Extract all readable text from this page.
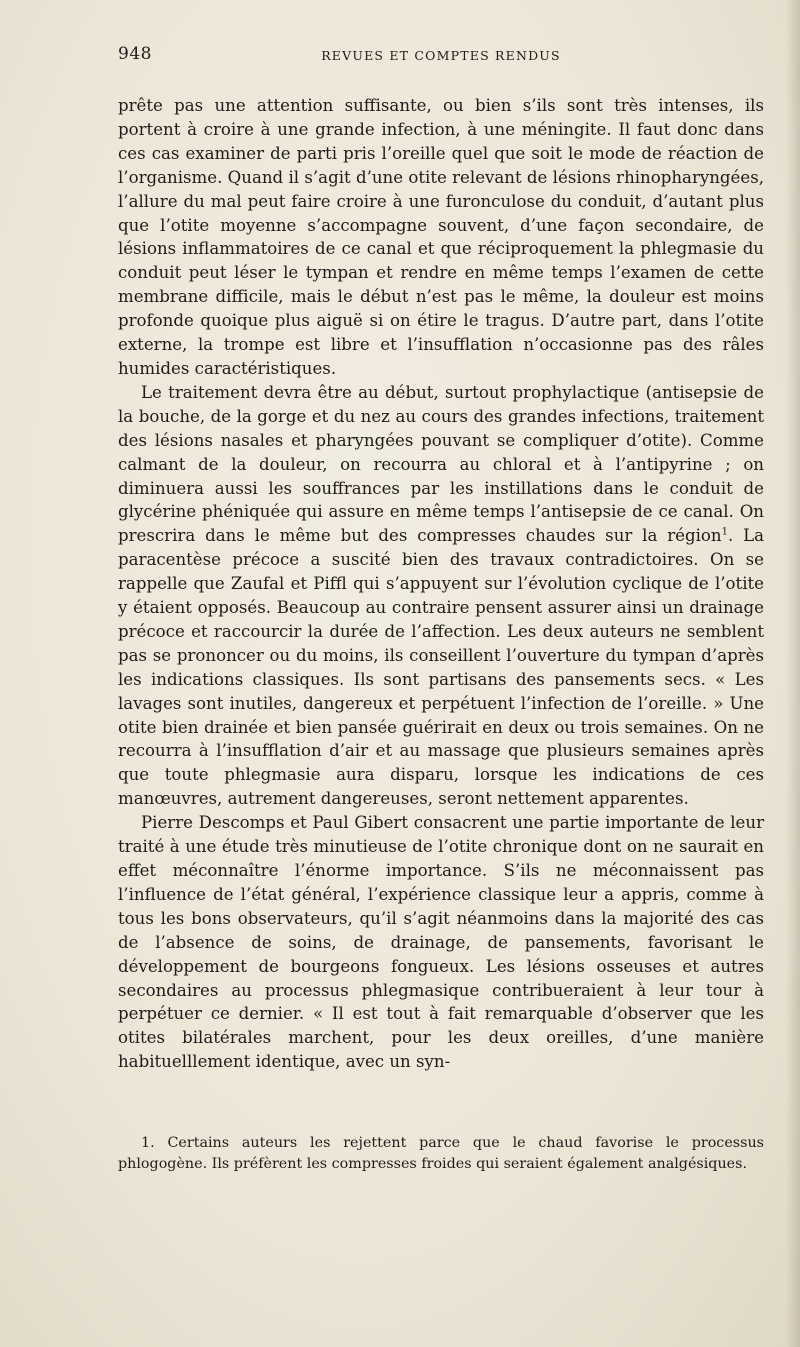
948	REVUES ET COMPTES RENDUS

prête pas une attention suffisante, ou bien s’ils sont très intenses, ils portent à croire à une grande infection, à une méningite. Il faut donc dans ces cas examiner de parti pris l’oreille quel que soit le mode de réaction de l’organisme. Quand il s’agit d’une otite relevant de lésions rhinopharyngées, l’allure du mal peut faire croire à une furonculose du conduit, d’autant plus que l’otite moyenne s’accompagne souvent, d’une façon secondaire, de lésions inflammatoires de ce canal et que réciproquement la phlegmasie du conduit peut léser le tympan et rendre en même temps l’examen de cette membrane difficile, mais le début n’est pas le même, la douleur est moins profonde quoique plus aiguë si on étire le tragus. D’autre part, dans l’otite externe, la trompe est libre et l’insufflation n’occasionne pas des râles humides caractéristiques.

Le traitement devra être au début, surtout prophylactique (antisepsie de la bouche, de la gorge et du nez au cours des grandes infections, traitement des lésions nasales et pharyngées pouvant se compliquer d’otite). Comme calmant de la douleur, on recourra au chloral et à l’antipyrine ; on diminuera aussi les souffrances par les instillations dans le conduit de glycérine phéniquée qui assure en même temps l’antisepsie de ce canal. On prescrira dans le même but des compresses chaudes sur la région$^1$. La paracentèse précoce a suscité bien des travaux contradictoires. On se rappelle que Zaufal et Piffl qui s’appuyent sur l’évolution cyclique de l’otite y étaient opposés. Beaucoup au contraire pensent assurer ainsi un drainage précoce et raccourcir la durée de l’affection. Les deux auteurs ne semblent pas se prononcer ou du moins, ils conseillent l’ouverture du tympan d’après les indications classiques. Ils sont partisans des pansements secs. « Les lavages sont inutiles, dangereux et perpétuent l’infection de l’oreille. » Une otite bien drainée et bien pansée guérirait en deux ou trois semaines. On ne recourra à l’insufflation d’air et au massage que plusieurs semaines après que toute phlegmasie aura disparu, lorsque les indications de ces manœuvres, autrement dangereuses, seront nettement apparentes.

Pierre Descomps et Paul Gibert consacrent une partie importante de leur traité à une étude très minutieuse de l’otite chronique dont on ne saurait en effet méconnaître l’énorme importance. S’ils ne méconnaissent pas l’influence de l’état général, l’expérience classique leur a appris, comme à tous les bons observateurs, qu’il s’agit néanmoins dans la majorité des cas de l’absence de soins, de drainage, de pansements, favorisant le développement de bourgeons fongueux. Les lésions osseuses et autres secondaires au processus phlegmasique contribueraient à leur tour à perpétuer ce dernier. « Il est tout à fait remarquable d’observer que les otites bilatérales marchent, pour les deux oreilles, d’une manière habituelllement identique, avec un syn-

1. Certains auteurs les rejettent parce que le chaud favorise le processus phlogogène. Ils préfèrent les compresses froides qui seraient également analgésiques.
